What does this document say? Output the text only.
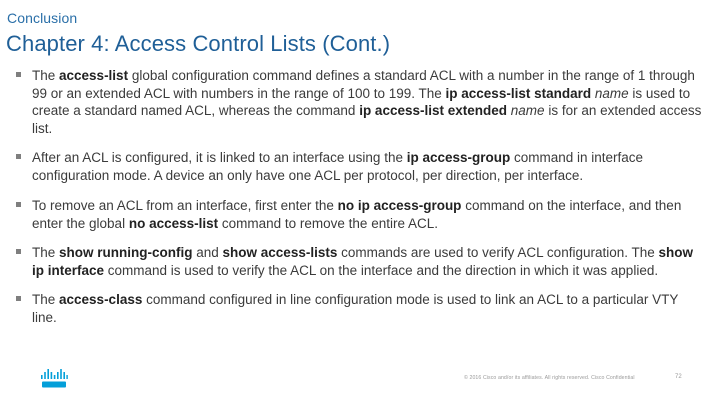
Conclusion
Chapter 4: Access Control Lists (Cont.)
The access-list global configuration command defines a standard ACL with a number in the range of 1 through 99 or an extended ACL with numbers in the range of 100 to 199. The ip access-list standard name is used to create a standard named ACL, whereas the command ip access-list extended name is for an extended access list.
After an ACL is configured, it is linked to an interface using the ip access-group command in interface configuration mode. A device an only have one ACL per protocol, per direction, per interface.
To remove an ACL from an interface, first enter the no ip access-group command on the interface, and then enter the global no access-list command to remove the entire ACL.
The show running-config and show access-lists commands are used to verify ACL configuration. The show ip interface command is used to verify the ACL on the interface and the direction in which it was applied.
The access-class command configured in line configuration mode is used to link an ACL to a particular VTY line.
© 2016 Cisco and/or its affiliates. All rights reserved. Cisco Confidential	72
